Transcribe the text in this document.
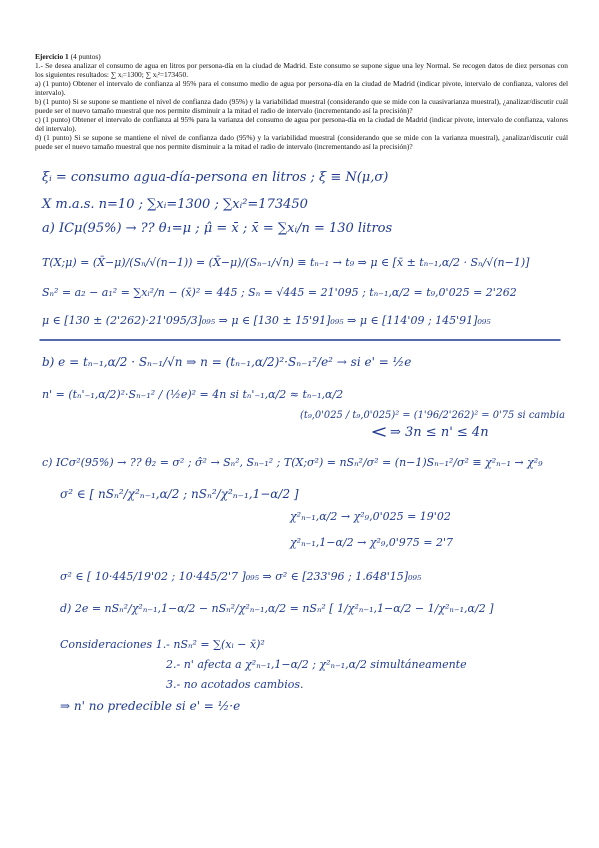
Ejercicio 1 (4 puntos)

1.- Se desea analizar el consumo de agua en litros por persona-día en la ciudad de Madrid. Este consumo se supone sigue una ley Normal. Se recogen datos de diez personas con los siguientes resultados: ∑ xᵢ=1300; ∑ xᵢ²=173450.

a) (1 punto) Obtener el intervalo de confianza al 95% para el consumo medio de agua por persona-día en la ciudad de Madrid (indicar pivote, intervalo de confianza, valores del intervalo).

b) (1 punto) Si se supone se mantiene el nivel de confianza dado (95%) y la variabilidad muestral (considerando que se mide con la cuasivarianza muestral), ¿analizar/discutir cuál puede ser el nuevo tamaño muestral que nos permite disminuir a la mitad el radio de intervalo (incrementando así la precisión)?

c) (1 punto) Obtener el intervalo de confianza al 95% para la varianza del consumo de agua por persona-día en la ciudad de Madrid (indicar pivote, intervalo de confianza, valores del intervalo).

d) (1 punto) Si se supone se mantiene el nivel de confianza dado (95%) y la variabilidad muestral (considerando que se mide con la varianza muestral), ¿analizar/discutir cuál puede ser el nuevo tamaño muestral que nos permite disminuir a la mitad el radio de intervalo (incrementando así la precisión)?

ξᵢ = consumo agua-día-persona en litros ; ξ ≡ N(μ,σ)
X m.a.s. n=10 ; ∑xᵢ=1300 ; ∑xᵢ²=173450
a) ICμ(95%) → ?? θ₁=μ ; μ̂ = x̄ ; x̄ = ∑xᵢ/n = 130 litros
T(X;μ) = (X̄−μ)/(Sₙ/√(n−1)) = (X̄−μ)/(Sₙ₋₁/√n) ≡ tₙ₋₁ → t₉ ⇒ μ ∈ [x̄ ± tₙ₋₁,α/2 · Sₙ/√(n−1)]
Sₙ² = a₂ − a₁² = ∑xᵢ²/n − (x̄)² = 445 ; Sₙ = √445 = 21'095 ; tₙ₋₁,α/2 = t₉,0'025 = 2'262
μ ∈ [130 ± (2'262)·21'095/3]₀₉₅ ⇒ μ ∈ [130 ± 15'91]₀₉₅ ⇒ μ ∈ [114'09 ; 145'91]₀₉₅
b) e = tₙ₋₁,α/2 · Sₙ₋₁/√n ⇒ n = (tₙ₋₁,α/2)²·Sₙ₋₁²/e² → si e' = ½e
n' = (tₙ'₋₁,α/2)²·Sₙ₋₁² / (½e)² = 4n si tₙ'₋₁,α/2 ≈ tₙ₋₁,α/2
(t₉,0'025 / t₉,0'025)² = (1'96/2'262)² = 0'75 si cambia
⇒ 3n ≤ n' ≤ 4n
c) ICσ²(95%) → ?? θ₂ = σ² ; σ̂² → Sₙ², Sₙ₋₁² ; T(X;σ²) = nSₙ²/σ² = (n−1)Sₙ₋₁²/σ² ≡ χ²ₙ₋₁ → χ²₉
σ² ∈ [ nSₙ²/χ²ₙ₋₁,α/2 ; nSₙ²/χ²ₙ₋₁,1−α/2 ]
χ²ₙ₋₁,α/2 → χ²₉,0'025 = 19'02
χ²ₙ₋₁,1−α/2 → χ²₉,0'975 = 2'7
σ² ∈ [ 10·445/19'02 ; 10·445/2'7 ]₀₉₅ ⇒ σ² ∈ [233'96 ; 1.648'15]₀₉₅
d) 2e = nSₙ²/χ²ₙ₋₁,1−α/2 − nSₙ²/χ²ₙ₋₁,α/2 = nSₙ² [ 1/χ²ₙ₋₁,1−α/2 − 1/χ²ₙ₋₁,α/2 ]
Consideraciones 1.- nSₙ² = ∑(xᵢ − x̄)²
2.- n' afecta a χ²ₙ₋₁,1−α/2 ; χ²ₙ₋₁,α/2 simultáneamente
3.- no acotados cambios.
⇒ n' no predecible si e' = ½·e
